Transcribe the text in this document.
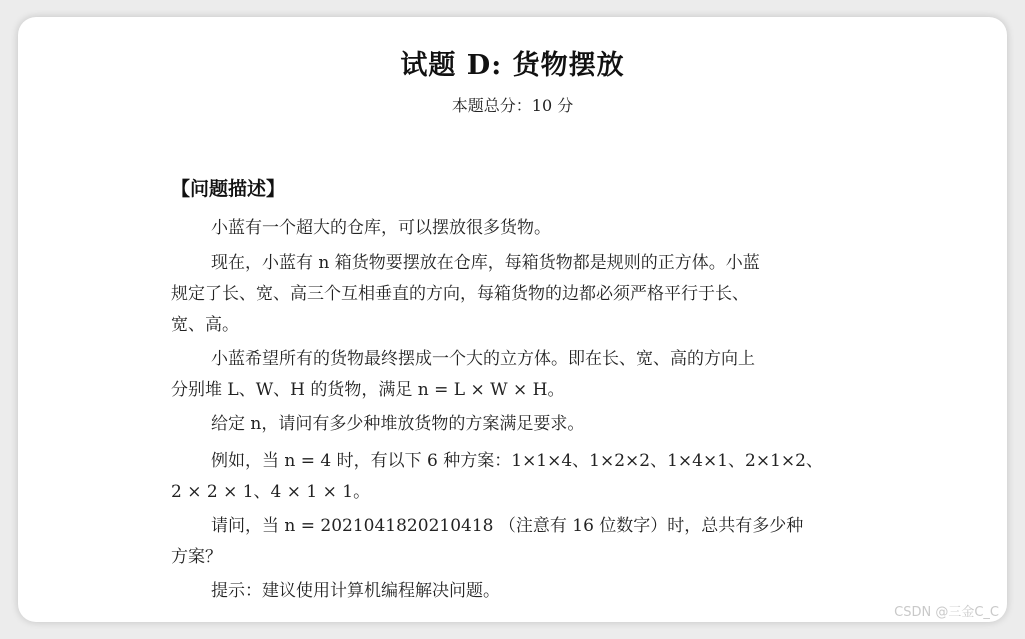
试题 D: 货物摆放
本题总分：10 分
【问题描述】
小蓝有一个超大的仓库，可以摆放很多货物。
现在，小蓝有 n 箱货物要摆放在仓库，每箱货物都是规则的正方体。小蓝
规定了长、宽、高三个互相垂直的方向，每箱货物的边都必须严格平行于长、
宽、高。
小蓝希望所有的货物最终摆成一个大的立方体。即在长、宽、高的方向上
分别堆 L、W、H 的货物，满足 n = L × W × H。
给定 n，请问有多少种堆放货物的方案满足要求。
例如，当 n = 4 时，有以下 6 种方案：1×1×4、1×2×2、1×4×1、2×1×2、
2 × 2 × 1、4 × 1 × 1。
请问，当 n = 2021041820210418 （注意有 16 位数字）时，总共有多少种
方案？
提示：建议使用计算机编程解决问题。
CSDN @三金C_C
